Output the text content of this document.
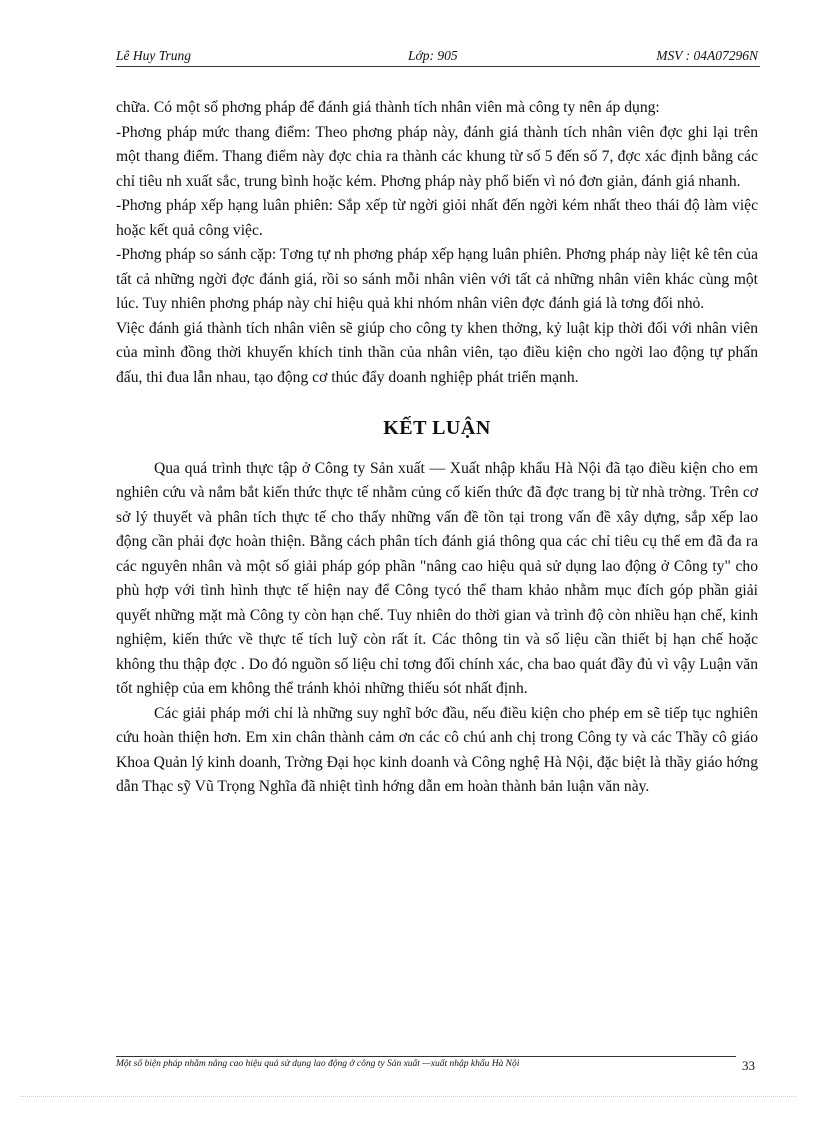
Lê Huy Trung	Lớp: 905	MSV : 04A07296N

chữa. Có một số phơng pháp để đánh giá thành tích nhân viên mà công ty nên áp dụng:

-Phơng pháp mức thang điểm: Theo phơng pháp này, đánh giá thành tích nhân viên đợc ghi lại trên một thang điểm. Thang điểm này đợc chia ra thành các khung từ số 5 đến số 7, đợc xác định bằng các chỉ tiêu nh xuất sắc, trung bình hoặc kém. Phơng pháp này phổ biến vì nó đơn giản, đánh giá nhanh.

-Phơng pháp xếp hạng luân phiên: Sắp xếp từ ngời giỏi nhất đến ngời kém nhất theo thái độ làm việc hoặc kết quả công việc.

-Phơng pháp so sánh cặp: Tơng tự nh phơng pháp xếp hạng luân phiên. Phơng pháp này liệt kê tên của tất cả những ngời đợc đánh giá, rồi so sánh mỗi nhân viên với tất cả những nhân viên khác cùng một lúc. Tuy nhiên phơng pháp này chỉ hiệu quả khi nhóm nhân viên đợc đánh giá là tơng đối nhỏ.

Việc đánh giá thành tích nhân viên sẽ giúp cho công ty khen thởng, kỷ luật kịp thời đối với nhân viên của mình đồng thời khuyến khích tinh thần của nhân viên, tạo điều kiện cho ngời lao động tự phấn đấu, thi đua lẫn nhau, tạo động cơ thúc đẩy doanh nghiệp phát triển mạnh.

KẾT LUẬN

Qua quá trình thực tập ở Công ty Sản xuất — Xuất nhập khẩu Hà Nội đã tạo điều kiện cho em nghiên cứu và nắm bắt kiến thức thực tế nhằm củng cố kiến thức đã đợc trang bị từ nhà trờng. Trên cơ sở lý thuyết và phân tích thực tế cho thấy những vấn đề tồn tại trong vấn đề xây dựng, sắp xếp lao động cần phải đợc hoàn thiện. Bằng cách phân tích đánh giá thông qua các chỉ tiêu cụ thể em đã đa ra các nguyên nhân và một số giải pháp góp phần "nâng cao hiệu quả sử dụng lao động ở Công ty" cho phù hợp với tình hình thực tế hiện nay để Công tycó thể tham khảo nhằm mục đích góp phần giải quyết những mặt mà Công ty còn hạn chế. Tuy nhiên do thời gian và trình độ còn nhiều hạn chế, kinh nghiệm, kiến thức về thực tế tích luỹ còn rất ít. Các thông tin và số liệu cần thiết bị hạn chế hoặc không thu thập đợc . Do đó nguồn số liệu chỉ tơng đối chính xác, cha bao quát đầy đủ vì vậy Luận văn tốt nghiệp của em không thể tránh khỏi những thiếu sót nhất định.

Các giải pháp mới chỉ là những suy nghĩ bớc đầu, nếu điều kiện cho phép em sẽ tiếp tục nghiên cứu hoàn thiện hơn. Em xin chân thành cảm ơn các cô chú anh chị trong Công ty và các Thầy cô giáo Khoa Quản lý kinh doanh, Trờng Đại học kinh doanh và Công nghệ Hà Nội, đặc biệt là thầy giáo hớng dẫn Thạc sỹ Vũ Trọng Nghĩa đã nhiệt tình hớng dẫn em hoàn thành bản luận văn này.

Một số biện pháp nhằm nâng cao hiệu quả sử dụng lao động ở công ty Sản xuất —xuất nhập khẩu Hà Nội	33
